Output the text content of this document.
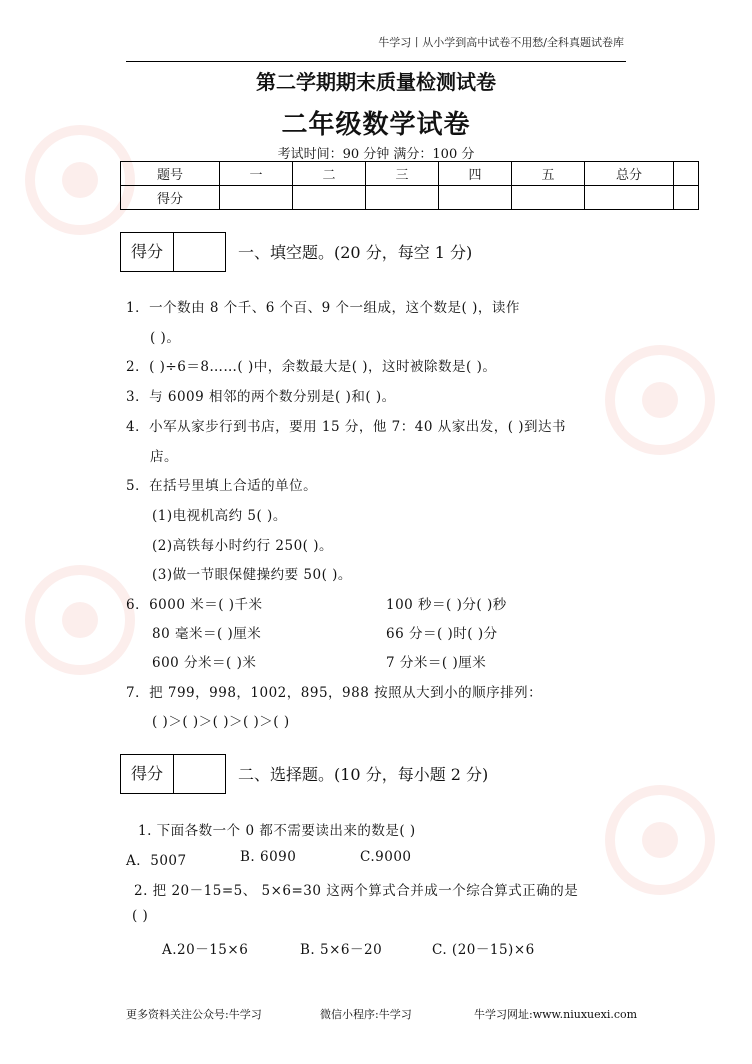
牛学习丨从小学到高中试卷不用愁/全科真题试卷库
第二学期期末质量检测试卷
二年级数学试卷
考试时间：90 分钟 满分：100 分
题号	一	二	三	四	五	总分	
得分							
得分	一、填空题。(20 分，每空 1 分)
1．一个数由 8 个千、6 个百、9 个一组成，这个数是( )，读作
( )。
2．( )÷6＝8……( )中，余数最大是( )，这时被除数是( )。
3．与 6009 相邻的两个数分别是( )和( )。
4．小军从家步行到书店，要用 15 分，他 7：40 从家出发，( )到达书
店。
5．在括号里填上合适的单位。
(1)电视机高约 5( )。
(2)高铁每小时约行 250( )。
(3)做一节眼保健操约要 50( )。
6．6000 米＝( )千米	100 秒＝( )分( )秒
80 毫米＝( )厘米	66 分＝( )时( )分
600 分米＝( )米	7 分米＝( )厘米
7．把 799，998，1002，895，988 按照从大到小的顺序排列：
( )＞( )＞( )＞( )＞( )
得分	二、选择题。(10 分，每小题 2 分)
1. 下面各数一个 0 都不需要读出来的数是( )
A．5007	B. 6090	C.9000
2. 把 20－15=5、 5×6=30 这两个算式合并成一个综合算式正确的是
( )
A.20－15×6	B. 5×6－20	C. (20－15)×6
更多资料关注公众号:牛学习	微信小程序:牛学习	牛学习网址:www.niuxuexi.com
